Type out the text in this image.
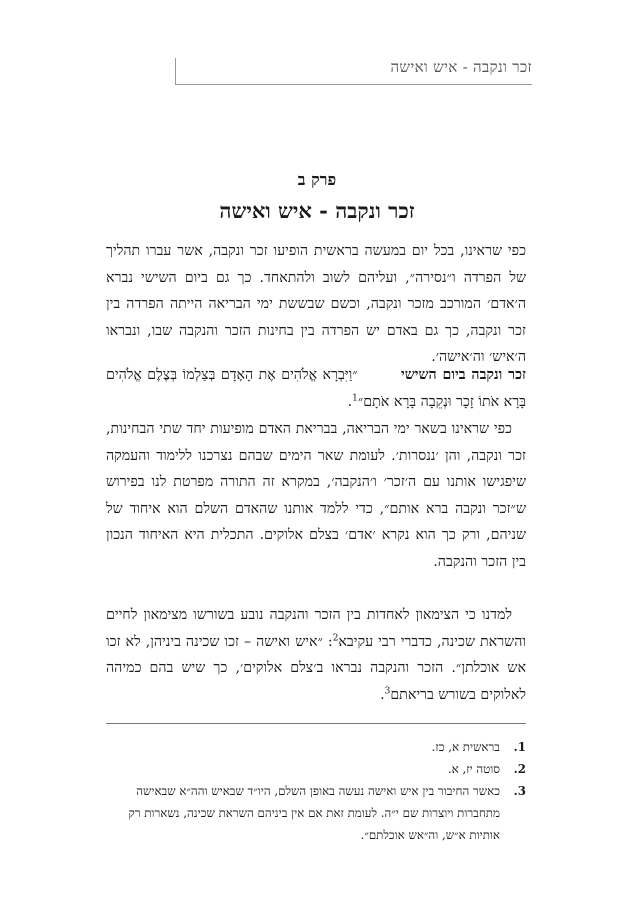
זכר ונקבה - איש ואישה
פרק ב
זכר ונקבה - איש ואישה
כפי שראינו, בכל יום במעשה בראשית הופיעו זכר ונקבה, אשר עברו תהליך של הפרדה ו״נסירה״, ועליהם לשוב ולהתאחד. כך גם ביום השישי נברא ה׳אדם׳ המורכב מזכר ונקבה, וכשם שבששת ימי הבריאה הייתה הפרדה בין זכר ונקבה, כך גם באדם יש הפרדה בין בחינות הזכר והנקבה שבו, ונבראו ה׳איש׳ וה׳אישה׳.
זכר ונקבה ביום השישי        ״וַיִּבְרָא אֱלֹהִים אֶת הָאָדָם בְּצַלְמוֹ בְּצֶלֶם אֱלֹהִים בָּרָא אֹתוֹ זָכָר וּנְקֵבָה בָּרָא אֹתָם״$^1$.
כפי שראינו בשאר ימי הבריאה, בבריאת האדם מופיעות יחד שתי הבחינות, זכר ונקבה, והן ׳ננסרות׳. לעומת שאר הימים שבהם נצרכנו ללימוד והעמקה שיפגישו אותנו עם ה׳זכר׳ ו׳הנקבה׳, במקרא זה התורה מפרטת לנו בפירוש ש״זכר ונקבה ברא אותם״, כדי ללמד אותנו שהאדם השלם הוא איחוד של שניהם, ורק כך הוא נקרא ׳אדם׳ בצלם אלוקים. התכלית היא האיחוד הנכון בין הזכר והנקבה.
למדנו כי הצימאון לאחדות בין הזכר והנקבה נובע בשורשו מצימאון לחיים והשראת שכינה, כדברי רבי עקיבא$^2$: ״איש ואישה – זכו שכינה ביניהן, לא זכו אש אוכלתן״. הזכר והנקבה נבראו ב׳צלם אלוקים׳, כך שיש בהם כמיהה לאלוקים בשורש בריאתם$^3$.
1.
בראשית א, כז.
2.
סוטה יז, א.
3.
כאשר החיבור בין איש ואישה נעשה באופן השלם, היו״ד שבאיש והה״א שבאישה מתחברות ויוצרות שם י״ה. לעומת זאת אם אין ביניהם השראת שכינה, נשארות רק אותיות א״ש, וה״אש אוכלתם״.
